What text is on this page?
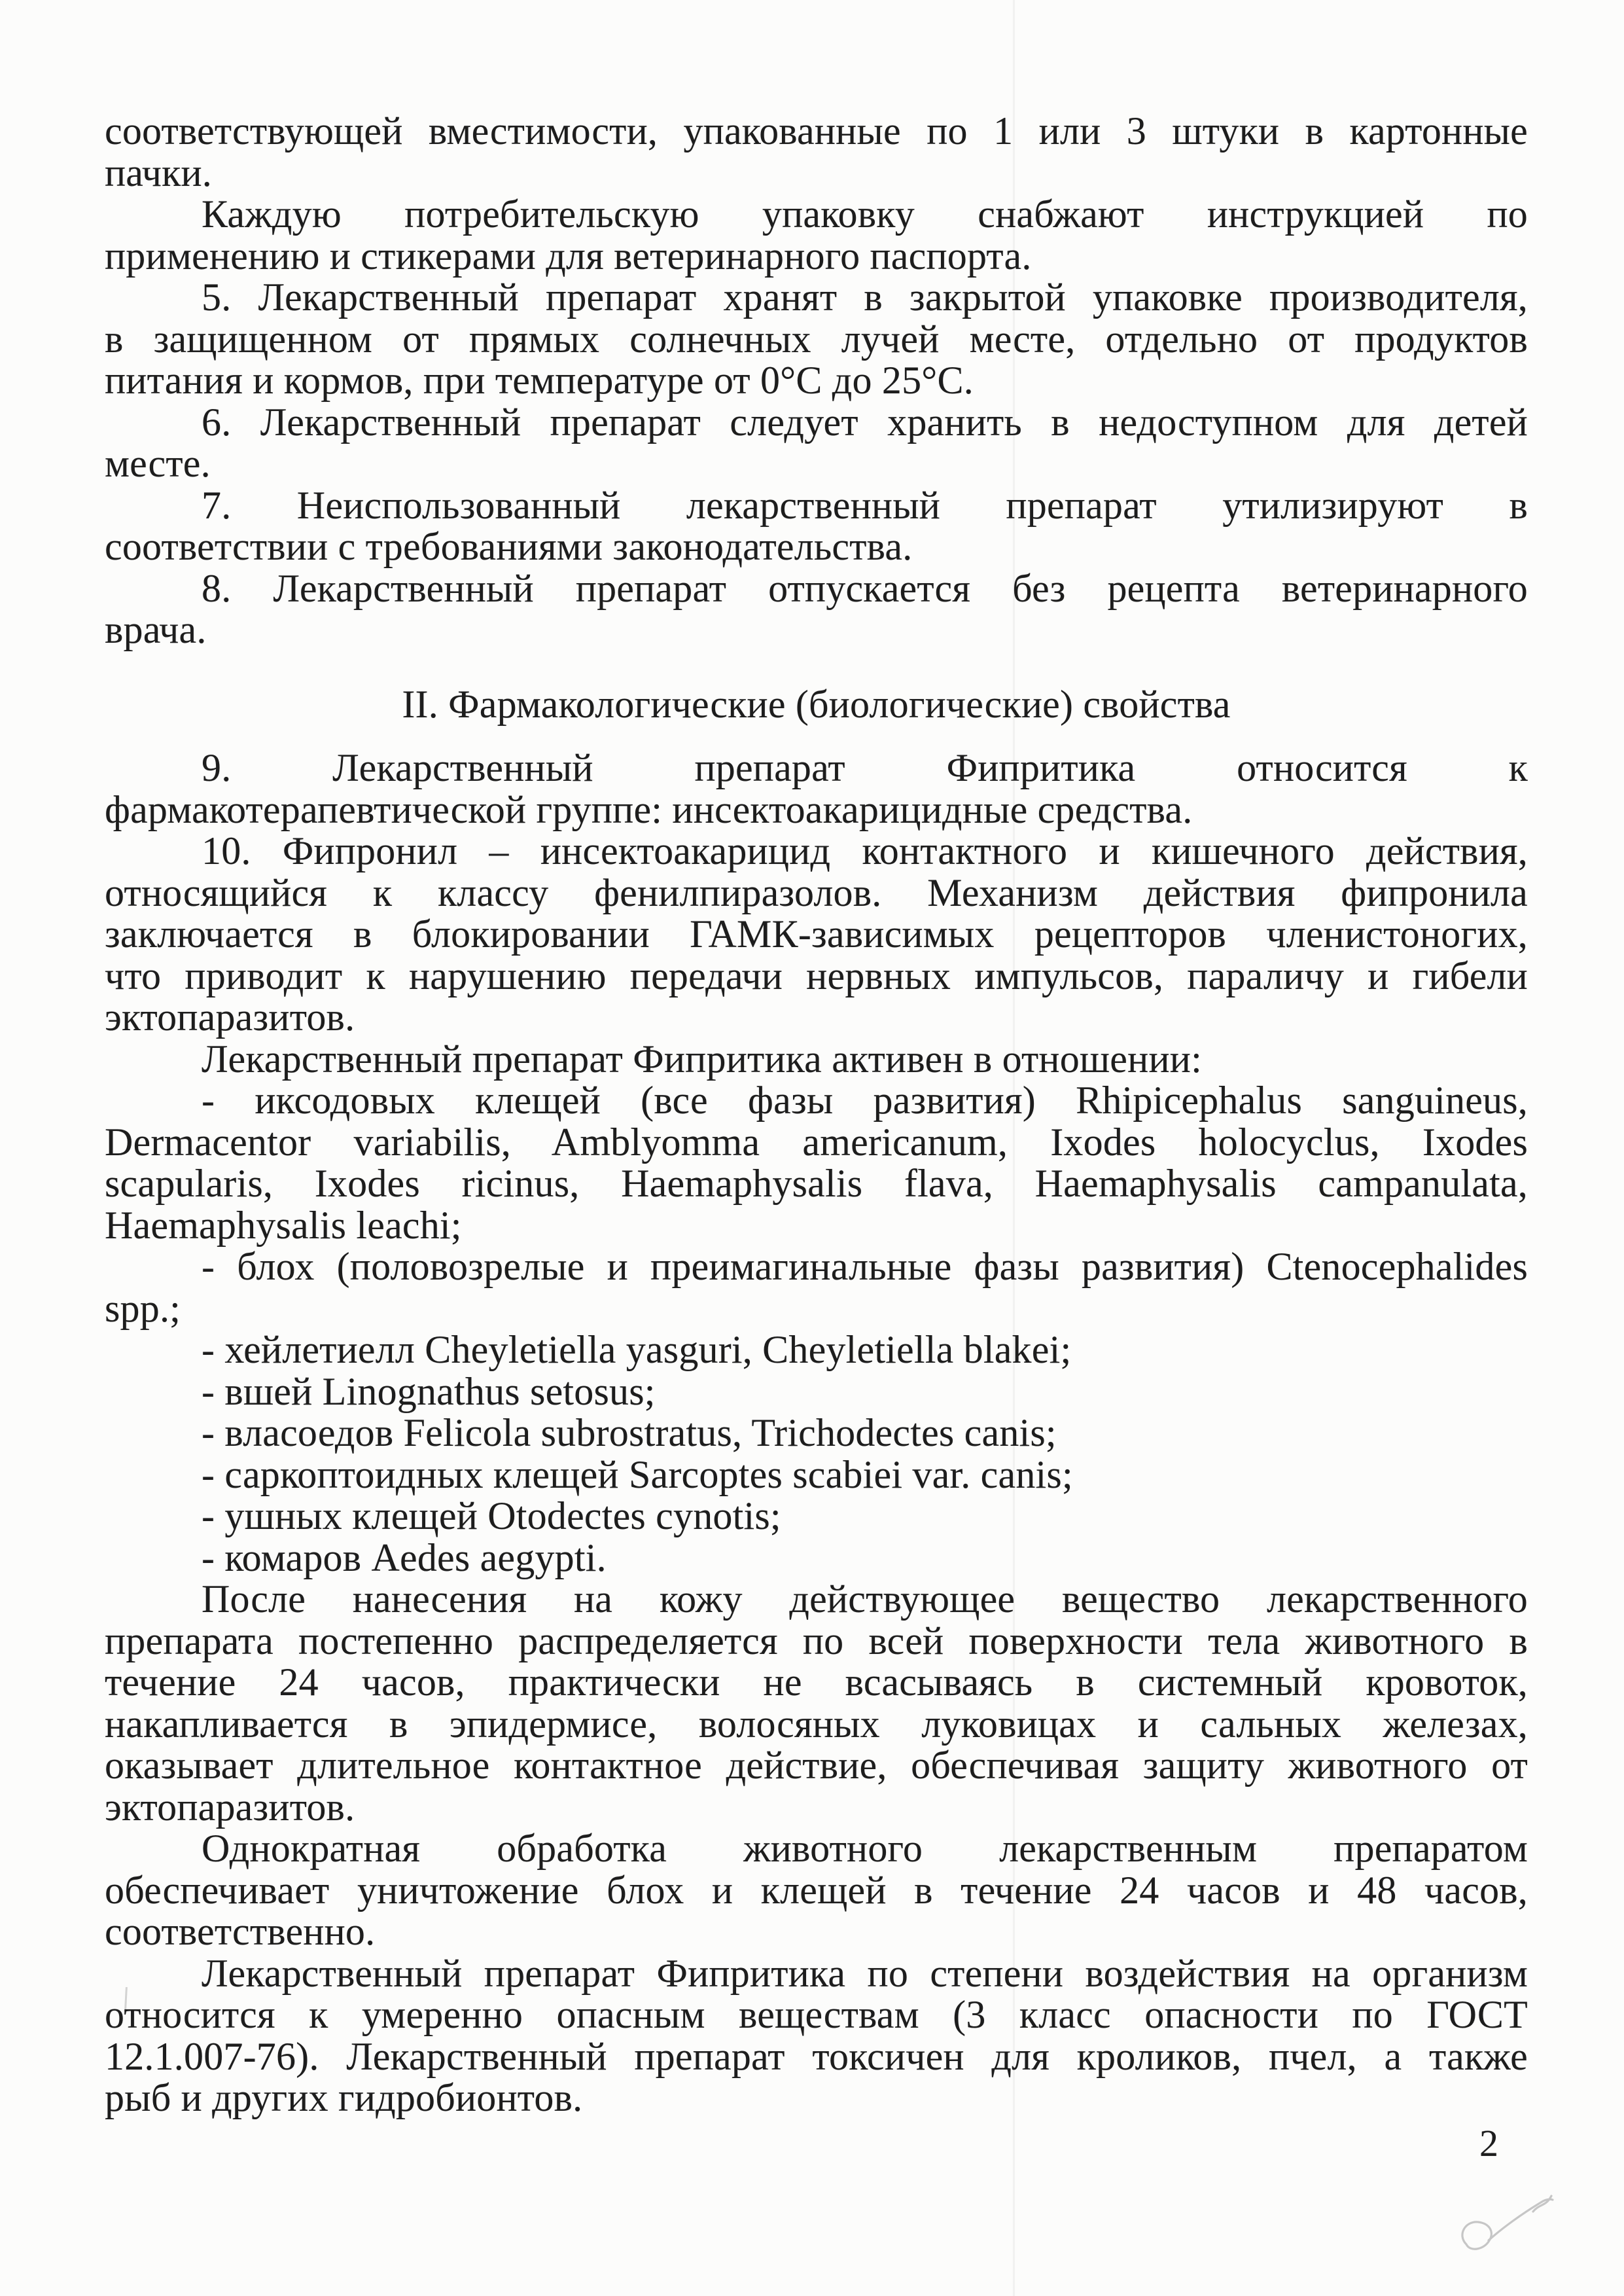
соответствующей вместимости, упакованные по 1 или 3 штуки в картонные
пачки.
Каждую потребительскую упаковку снабжают инструкцией по
применению и стикерами для ветеринарного паспорта.
5. Лекарственный препарат хранят в закрытой упаковке производителя,
в защищенном от прямых солнечных лучей месте, отдельно от продуктов
питания и кормов, при температуре от 0°С до 25°С.
6. Лекарственный препарат следует хранить в недоступном для детей
месте.
7. Неиспользованный лекарственный препарат утилизируют в
соответствии с требованиями законодательства.
8. Лекарственный препарат отпускается без рецепта ветеринарного
врача.
II. Фармакологические (биологические) свойства
9. Лекарственный препарат Фипритика относится к
фармакотерапевтической группе: инсектоакарицидные средства.
10. Фипронил – инсектоакарицид контактного и кишечного действия,
относящийся к классу фенилпиразолов. Механизм действия фипронила
заключается в блокировании ГАМК-зависимых рецепторов членистоногих,
что приводит к нарушению передачи нервных импульсов, параличу и гибели
эктопаразитов.
Лекарственный препарат Фипритика активен в отношении:
- иксодовых клещей (все фазы развития) Rhipicephalus sanguineus,
Dermacentor variabilis, Amblyomma americanum, Ixodes holocyclus, Ixodes
scapularis, Ixodes ricinus, Haemaphysalis flava, Haemaphysalis campanulata,
Haemaphysalis leachi;
- блох (половозрелые и преимагинальные фазы развития) Ctenocephalides
spp.;
- хейлетиелл Cheyletiella yasguri, Cheyletiella blakei;
- вшей Linognathus setosus;
- власоедов Felicola subrostratus, Trichodectes canis;
- саркоптоидных клещей Sarcoptes scabiei var. canis;
- ушных клещей Otodectes cynotis;
- комаров Aedes aegypti.
После нанесения на кожу действующее вещество лекарственного
препарата постепенно распределяется по всей поверхности тела животного в
течение 24 часов, практически не всасываясь в системный кровоток,
накапливается в эпидермисе, волосяных луковицах и сальных железах,
оказывает длительное контактное действие, обеспечивая защиту животного от
эктопаразитов.
Однократная обработка животного лекарственным препаратом
обеспечивает уничтожение блох и клещей в течение 24 часов и 48 часов,
соответственно.
Лекарственный препарат Фипритика по степени воздействия на организм
относится к умеренно опасным веществам (3 класс опасности по ГОСТ
12.1.007-76). Лекарственный препарат токсичен для кроликов, пчел, а также
рыб и других гидробионтов.
2
